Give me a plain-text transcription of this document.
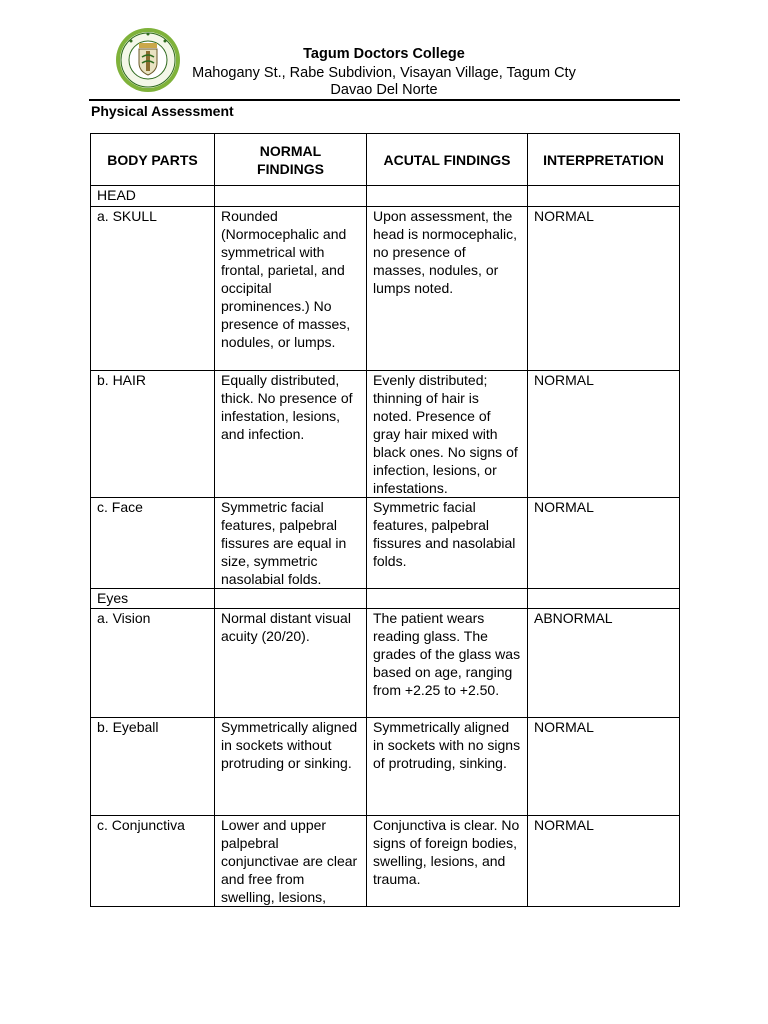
Tagum Doctors College
Mahogany St., Rabe Subdivion, Visayan Village, Tagum Cty
Davao Del Norte
Physical Assessment
BODY PARTS	NORMAL FINDINGS	ACUTAL FINDINGS	INTERPRETATION
HEAD			
a. SKULL	Rounded (Normocephalic and symmetrical with frontal, parietal, and occipital prominences.) No presence of masses, nodules, or lumps.	Upon assessment, the head is normocephalic, no presence of masses, nodules, or lumps noted.	NORMAL
b. HAIR	Equally distributed, thick. No presence of infestation, lesions, and infection.	Evenly distributed; thinning of hair is noted. Presence of gray hair mixed with black ones. No signs of infection, lesions, or infestations.	NORMAL
c. Face	Symmetric facial features, palpebral fissures are equal in size, symmetric nasolabial folds.	Symmetric facial features, palpebral fissures and nasolabial folds.	NORMAL
Eyes			
a. Vision	Normal distant visual acuity (20/20).	The patient wears reading glass. The grades of the glass was based on age, ranging from +2.25 to +2.50.	ABNORMAL
b. Eyeball	Symmetrically aligned in sockets without protruding or sinking.	Symmetrically aligned in sockets with no signs of protruding, sinking.	NORMAL
c. Conjunctiva	Lower and upper palpebral conjunctivae are clear and free from swelling, lesions,	Conjunctiva is clear. No signs of foreign bodies, swelling, lesions, and trauma.	NORMAL
